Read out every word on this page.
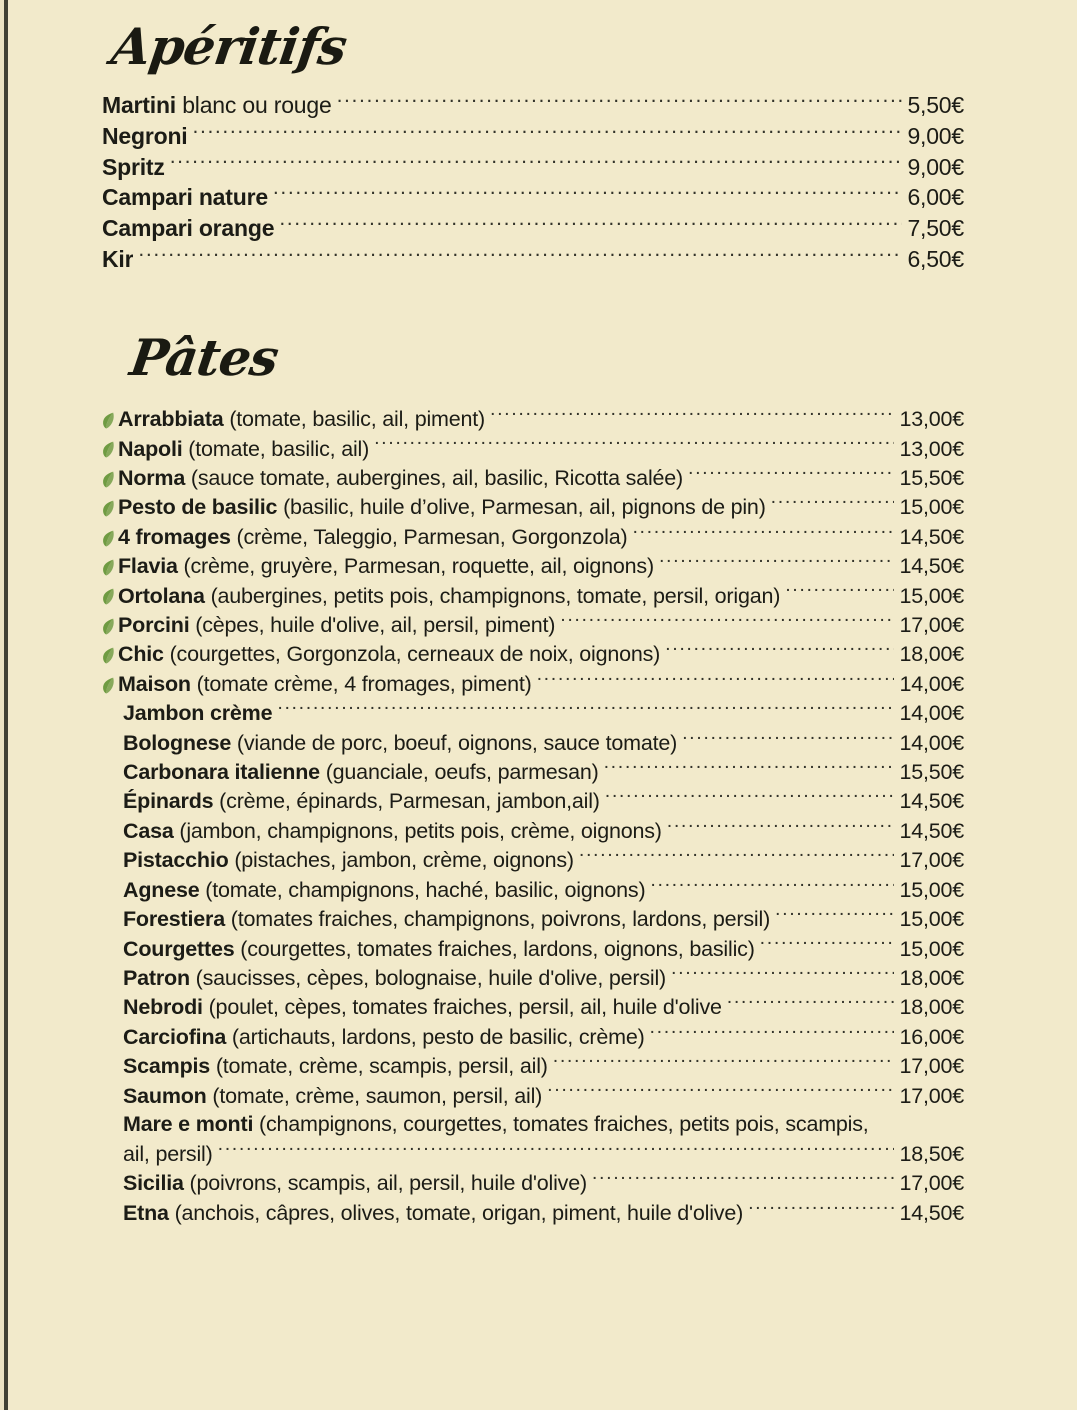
Apéritifs
Martini blanc ou rouge .....	5,50€
Negroni .....	9,00€
Spritz .....	9,00€
Campari nature .....	6,00€
Campari orange .....	7,50€
Kir .....	6,50€
Pâtes
Arrabbiata (tomate, basilic, ail, piment) .....	13,00€
Napoli (tomate, basilic, ail) .....	13,00€
Norma (sauce tomate, aubergines, ail, basilic, Ricotta salée) .....	15,50€
Pesto de basilic (basilic, huile d’olive, Parmesan, ail, pignons de pin) .....	15,00€
4 fromages (crème, Taleggio, Parmesan, Gorgonzola) .....	14,50€
Flavia (crème, gruyère, Parmesan, roquette, ail, oignons) .....	14,50€
Ortolana (aubergines, petits pois, champignons, tomate, persil, origan) .....	15,00€
Porcini (cèpes, huile d'olive, ail, persil, piment) .....	17,00€
Chic (courgettes, Gorgonzola, cerneaux de noix, oignons) .....	18,00€
Maison (tomate crème, 4 fromages, piment) .....	14,00€
Jambon crème .....	14,00€
Bolognese (viande de porc, boeuf, oignons, sauce tomate) .....	14,00€
Carbonara italienne (guanciale, oeufs, parmesan) .....	15,50€
Épinards (crème, épinards, Parmesan, jambon,ail) .....	14,50€
Casa (jambon, champignons, petits pois, crème, oignons) .....	14,50€
Pistacchio (pistaches, jambon, crème, oignons) .....	17,00€
Agnese (tomate, champignons, haché, basilic, oignons) .....	15,00€
Forestiera (tomates fraiches, champignons, poivrons, lardons, persil) .....	15,00€
Courgettes (courgettes, tomates fraiches, lardons, oignons, basilic) .....	15,00€
Patron (saucisses, cèpes, bolognaise, huile d'olive, persil) .....	18,00€
Nebrodi (poulet, cèpes, tomates fraiches, persil, ail, huile d'olive .....	18,00€
Carciofina (artichauts, lardons, pesto de basilic, crème) .....	16,00€
Scampis (tomate, crème, scampis, persil, ail) .....	17,00€
Saumon (tomate, crème, saumon, persil, ail) .....	17,00€
Mare e monti (champignons, courgettes, tomates fraiches, petits pois, scampis,
ail, persil) .....	18,50€
Sicilia (poivrons, scampis, ail, persil, huile d'olive) .....	17,00€
Etna (anchois, câpres, olives, tomate, origan, piment, huile d'olive) .....	14,50€
